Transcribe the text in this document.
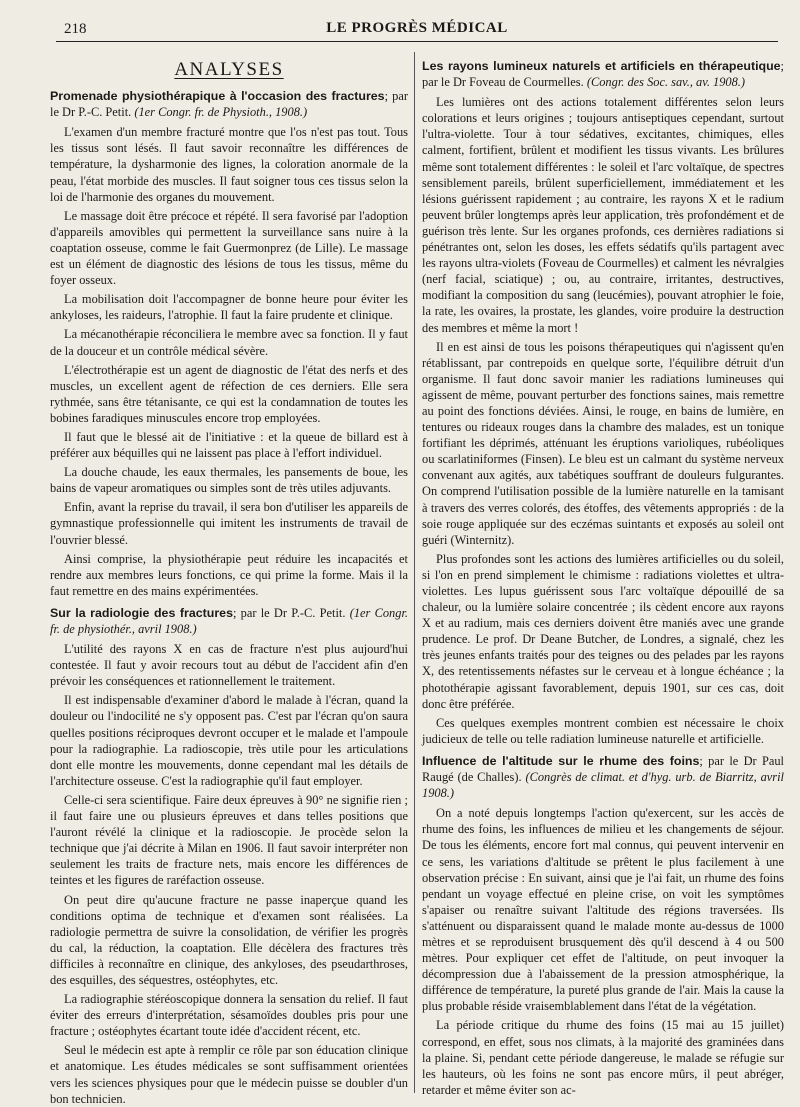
218	LE PROGRÈS MÉDICAL
ANALYSES
Promenade physiothérapique à l'occasion des fractures; par le Dr P.-C. Petit. (1er Congr. fr. de Physioth., 1908.)

L'examen d'un membre fracturé montre que l'os n'est pas tout. Tous les tissus sont lésés. Il faut savoir reconnaître les différences de température, la dysharmonie des lignes, la coloration anormale de la peau, l'état morbide des muscles. Il faut soigner tous ces tissus selon la loi de l'harmonie des organes du mouvement.

Le massage doit être précoce et répété. Il sera favorisé par l'adoption d'appareils amovibles qui permettent la surveillance sans nuire à la coaptation osseuse, comme le fait Guermonprez (de Lille). Le massage est un élément de diagnostic des lésions de tous les tissus, même du foyer osseux.

La mobilisation doit l'accompagner de bonne heure pour éviter les ankyloses, les raideurs, l'atrophie. Il faut la faire prudente et clinique.

La mécanothérapie réconciliera le membre avec sa fonction. Il y faut de la douceur et un contrôle médical sévère.

L'électrothérapie est un agent de diagnostic de l'état des nerfs et des muscles, un excellent agent de réfection de ces derniers. Elle sera rythmée, sans être tétanisante, ce qui est la condamnation de toutes les bobines faradiques minuscules encore trop employées.

Il faut que le blessé ait de l'initiative : et la queue de billard est à préférer aux béquilles qui ne laissent pas place à l'effort individuel.

La douche chaude, les eaux thermales, les pansements de boue, les bains de vapeur aromatiques ou simples sont de très utiles adjuvants.

Enfin, avant la reprise du travail, il sera bon d'utiliser les appareils de gymnastique professionnelle qui imitent les instruments de travail de l'ouvrier blessé.

Ainsi comprise, la physiothérapie peut réduire les incapacités et rendre aux membres leurs fonctions, ce qui prime la forme. Mais il la faut remettre en des mains expérimentées.

Sur la radiologie des fractures; par le Dr P.-C. Petit. (1er Congr. fr. de physiothér., avril 1908.)

L'utilité des rayons X en cas de fracture n'est plus aujourd'hui contestée. Il faut y avoir recours tout au début de l'accident afin d'en prévoir les conséquences et rationnellement le traitement.

Il est indispensable d'examiner d'abord le malade à l'écran, quand la douleur ou l'indocilité ne s'y opposent pas. C'est par l'écran qu'on saura quelles positions réciproques devront occuper et le malade et l'ampoule pour la radiographie. La radioscopie, très utile pour les articulations dont elle montre les mouvements, donne cependant mal les détails de l'architecture osseuse. C'est la radiographie qu'il faut employer.

Celle-ci sera scientifique. Faire deux épreuves à 90° ne signifie rien ; il faut faire une ou plusieurs épreuves et dans telles positions que l'auront révélé la clinique et la radioscopie. Je procède selon la technique que j'ai décrite à Milan en 1906. Il faut savoir interpréter non seulement les traits de fracture nets, mais encore les différences de teintes et les figures de raréfaction osseuse.

On peut dire qu'aucune fracture ne passe inaperçue quand les conditions optima de technique et d'examen sont réalisées. La radiologie permettra de suivre la consolidation, de vérifier les progrès du cal, la réduction, la coaptation. Elle décèlera des fractures très difficiles à reconnaître en clinique, des ankyloses, des pseudarthroses, des esquilles, des séquestres, ostéophytes, etc.

La radiographie stéréoscopique donnera la sensation du relief. Il faut éviter des erreurs d'interprétation, sésamoïdes doubles pris pour une fracture ; ostéophytes écartant toute idée d'accident récent, etc.

Seul le médecin est apte à remplir ce rôle par son éducation clinique et anatomique. Les études médicales se sont suffisamment orientées vers les sciences physiques pour que le médecin puisse se doubler d'un bon technicien.

Les rayons lumineux naturels et artificiels en thérapeutique; par le Dr Foveau de Courmelles. (Congr. des Soc. sav., av. 1908.)

Les lumières ont des actions totalement différentes selon leurs colorations et leurs origines ; toujours antiseptiques cependant, surtout l'ultra-violette. Tour à tour sédatives, excitantes, chimiques, elles calment, fortifient, brûlent et modifient les tissus vivants. Les brûlures même sont totalement différentes : le soleil et l'arc voltaïque, de spectres sensiblement pareils, brûlent superficiellement, immédiatement et les lésions guérissent rapidement ; au contraire, les rayons X et le radium peuvent brûler longtemps après leur application, très profondément et de guérison très lente. Sur les organes profonds, ces dernières radiations si pénétrantes ont, selon les doses, les effets sédatifs qu'ils partagent avec les rayons ultra-violets (Foveau de Courmelles) et calment les névralgies (nerf facial, sciatique) ; ou, au contraire, irritantes, destructives, modifiant la composition du sang (leucémies), pouvant atrophier le foie, la rate, les ovaires, la prostate, les glandes, voire produire la destruction des membres et même la mort !

Il en est ainsi de tous les poisons thérapeutiques qui n'agissent qu'en rétablissant, par contrepoids en quelque sorte, l'équilibre détruit d'un organisme. Il faut donc savoir manier les radiations lumineuses qui agissent de même, pouvant perturber des fonctions saines, mais remettre au point des fonctions déviées. Ainsi, le rouge, en bains de lumière, en tentures ou rideaux rouges dans la chambre des malades, est un tonique fortifiant les déprimés, atténuant les éruptions varioliques, rubéoliques ou scarlatiniformes (Finsen). Le bleu est un calmant du système nerveux convenant aux agités, aux tabétiques souffrant de douleurs fulgurantes. On comprend l'utilisation possible de la lumière naturelle en la tamisant à travers des verres colorés, des étoffes, des vêtements appropriés : de la soie rouge appliquée sur des eczémas suintants et exposés au soleil ont guéri (Winternitz).

Plus profondes sont les actions des lumières artificielles ou du soleil, si l'on en prend simplement le chimisme : radiations violettes et ultra-violettes. Les lupus guérissent sous l'arc voltaïque dépouillé de sa chaleur, ou la lumière solaire concentrée ; ils cèdent encore aux rayons X et au radium, mais ces derniers doivent être maniés avec une grande prudence. Le prof. Dr Deane Butcher, de Londres, a signalé, chez les très jeunes enfants traités pour des teignes ou des pelades par les rayons X, des retentissements néfastes sur le cerveau et à longue échéance ; la photothérapie agissant favorablement, depuis 1901, sur ces cas, doit donc être préférée.

Ces quelques exemples montrent combien est nécessaire le choix judicieux de telle ou telle radiation lumineuse naturelle et artificielle.

Influence de l'altitude sur le rhume des foins; par le Dr Paul Raugé (de Challes). (Congrès de climat. et d'hyg. urb. de Biarritz, avril 1908.)

On a noté depuis longtemps l'action qu'exercent, sur les accès de rhume des foins, les influences de milieu et les changements de séjour. De tous les éléments, encore fort mal connus, qui peuvent intervenir en ce sens, les variations d'altitude se prêtent le plus facilement à une observation précise : En suivant, ainsi que je l'ai fait, un rhume des foins pendant un voyage effectué en pleine crise, on voit les symptômes s'apaiser ou renaître suivant l'altitude des régions traversées. Ils s'atténuent ou disparaissent quand le malade monte au-dessus de 1000 mètres et se reproduisent brusquement dès qu'il descend à 4 ou 500 mètres. Pour expliquer cet effet de l'altitude, on peut invoquer la décompression due à l'abaissement de la pression atmosphérique, la différence de température, la pureté plus grande de l'air. Mais la cause la plus probable réside vraisemblablement dans l'état de la végétation.

La période critique du rhume des foins (15 mai au 15 juillet) correspond, en effet, sous nos climats, à la majorité des graminées dans la plaine. Si, pendant cette période dangereuse, le malade se réfugie sur les hauteurs, où les foins ne sont pas encore mûrs, il peut abréger, retarder et même éviter son ac-
